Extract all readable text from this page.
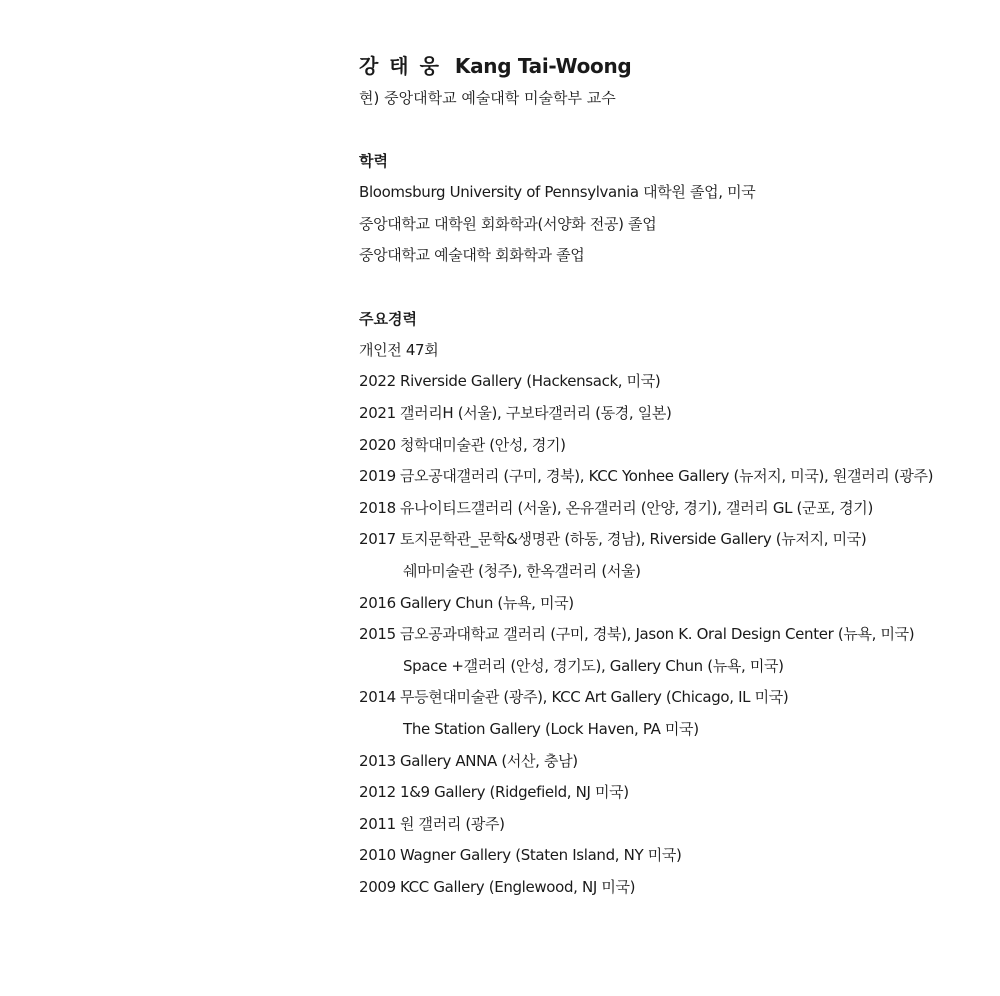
강 태 웅 Kang Tai-Woong
현) 중앙대학교 예술대학 미술학부 교수
학력
Bloomsburg University of Pennsylvania 대학원 졸업, 미국
중앙대학교 대학원 회화학과(서양화 전공) 졸업
중앙대학교 예술대학 회화학과 졸업
주요경력
개인전 47회
2022 Riverside Gallery (Hackensack, 미국)
2021 갤러리H (서울), 구보타갤러리 (동경, 일본)
2020 청학대미술관 (안성, 경기)
2019 금오공대갤러리 (구미, 경북), KCC Yonhee Gallery (뉴저지, 미국), 원갤러리 (광주)
2018 유나이티드갤러리 (서울), 온유갤러리 (안양, 경기), 갤러리 GL (군포, 경기)
2017 토지문학관_문학&생명관 (하동, 경남), Riverside Gallery (뉴저지, 미국)
쉐마미술관 (청주), 한옥갤러리 (서울)
2016 Gallery Chun (뉴욕, 미국)
2015 금오공과대학교 갤러리 (구미, 경북), Jason K. Oral Design Center (뉴욕, 미국)
Space +갤러리 (안성, 경기도), Gallery Chun (뉴욕, 미국)
2014 무등현대미술관 (광주), KCC Art Gallery (Chicago, IL 미국)
The Station Gallery (Lock Haven, PA 미국)
2013 Gallery ANNA (서산, 충남)
2012 1&9 Gallery (Ridgefield, NJ 미국)
2011 원 갤러리 (광주)
2010 Wagner Gallery (Staten Island, NY 미국)
2009 KCC Gallery (Englewood, NJ 미국)
